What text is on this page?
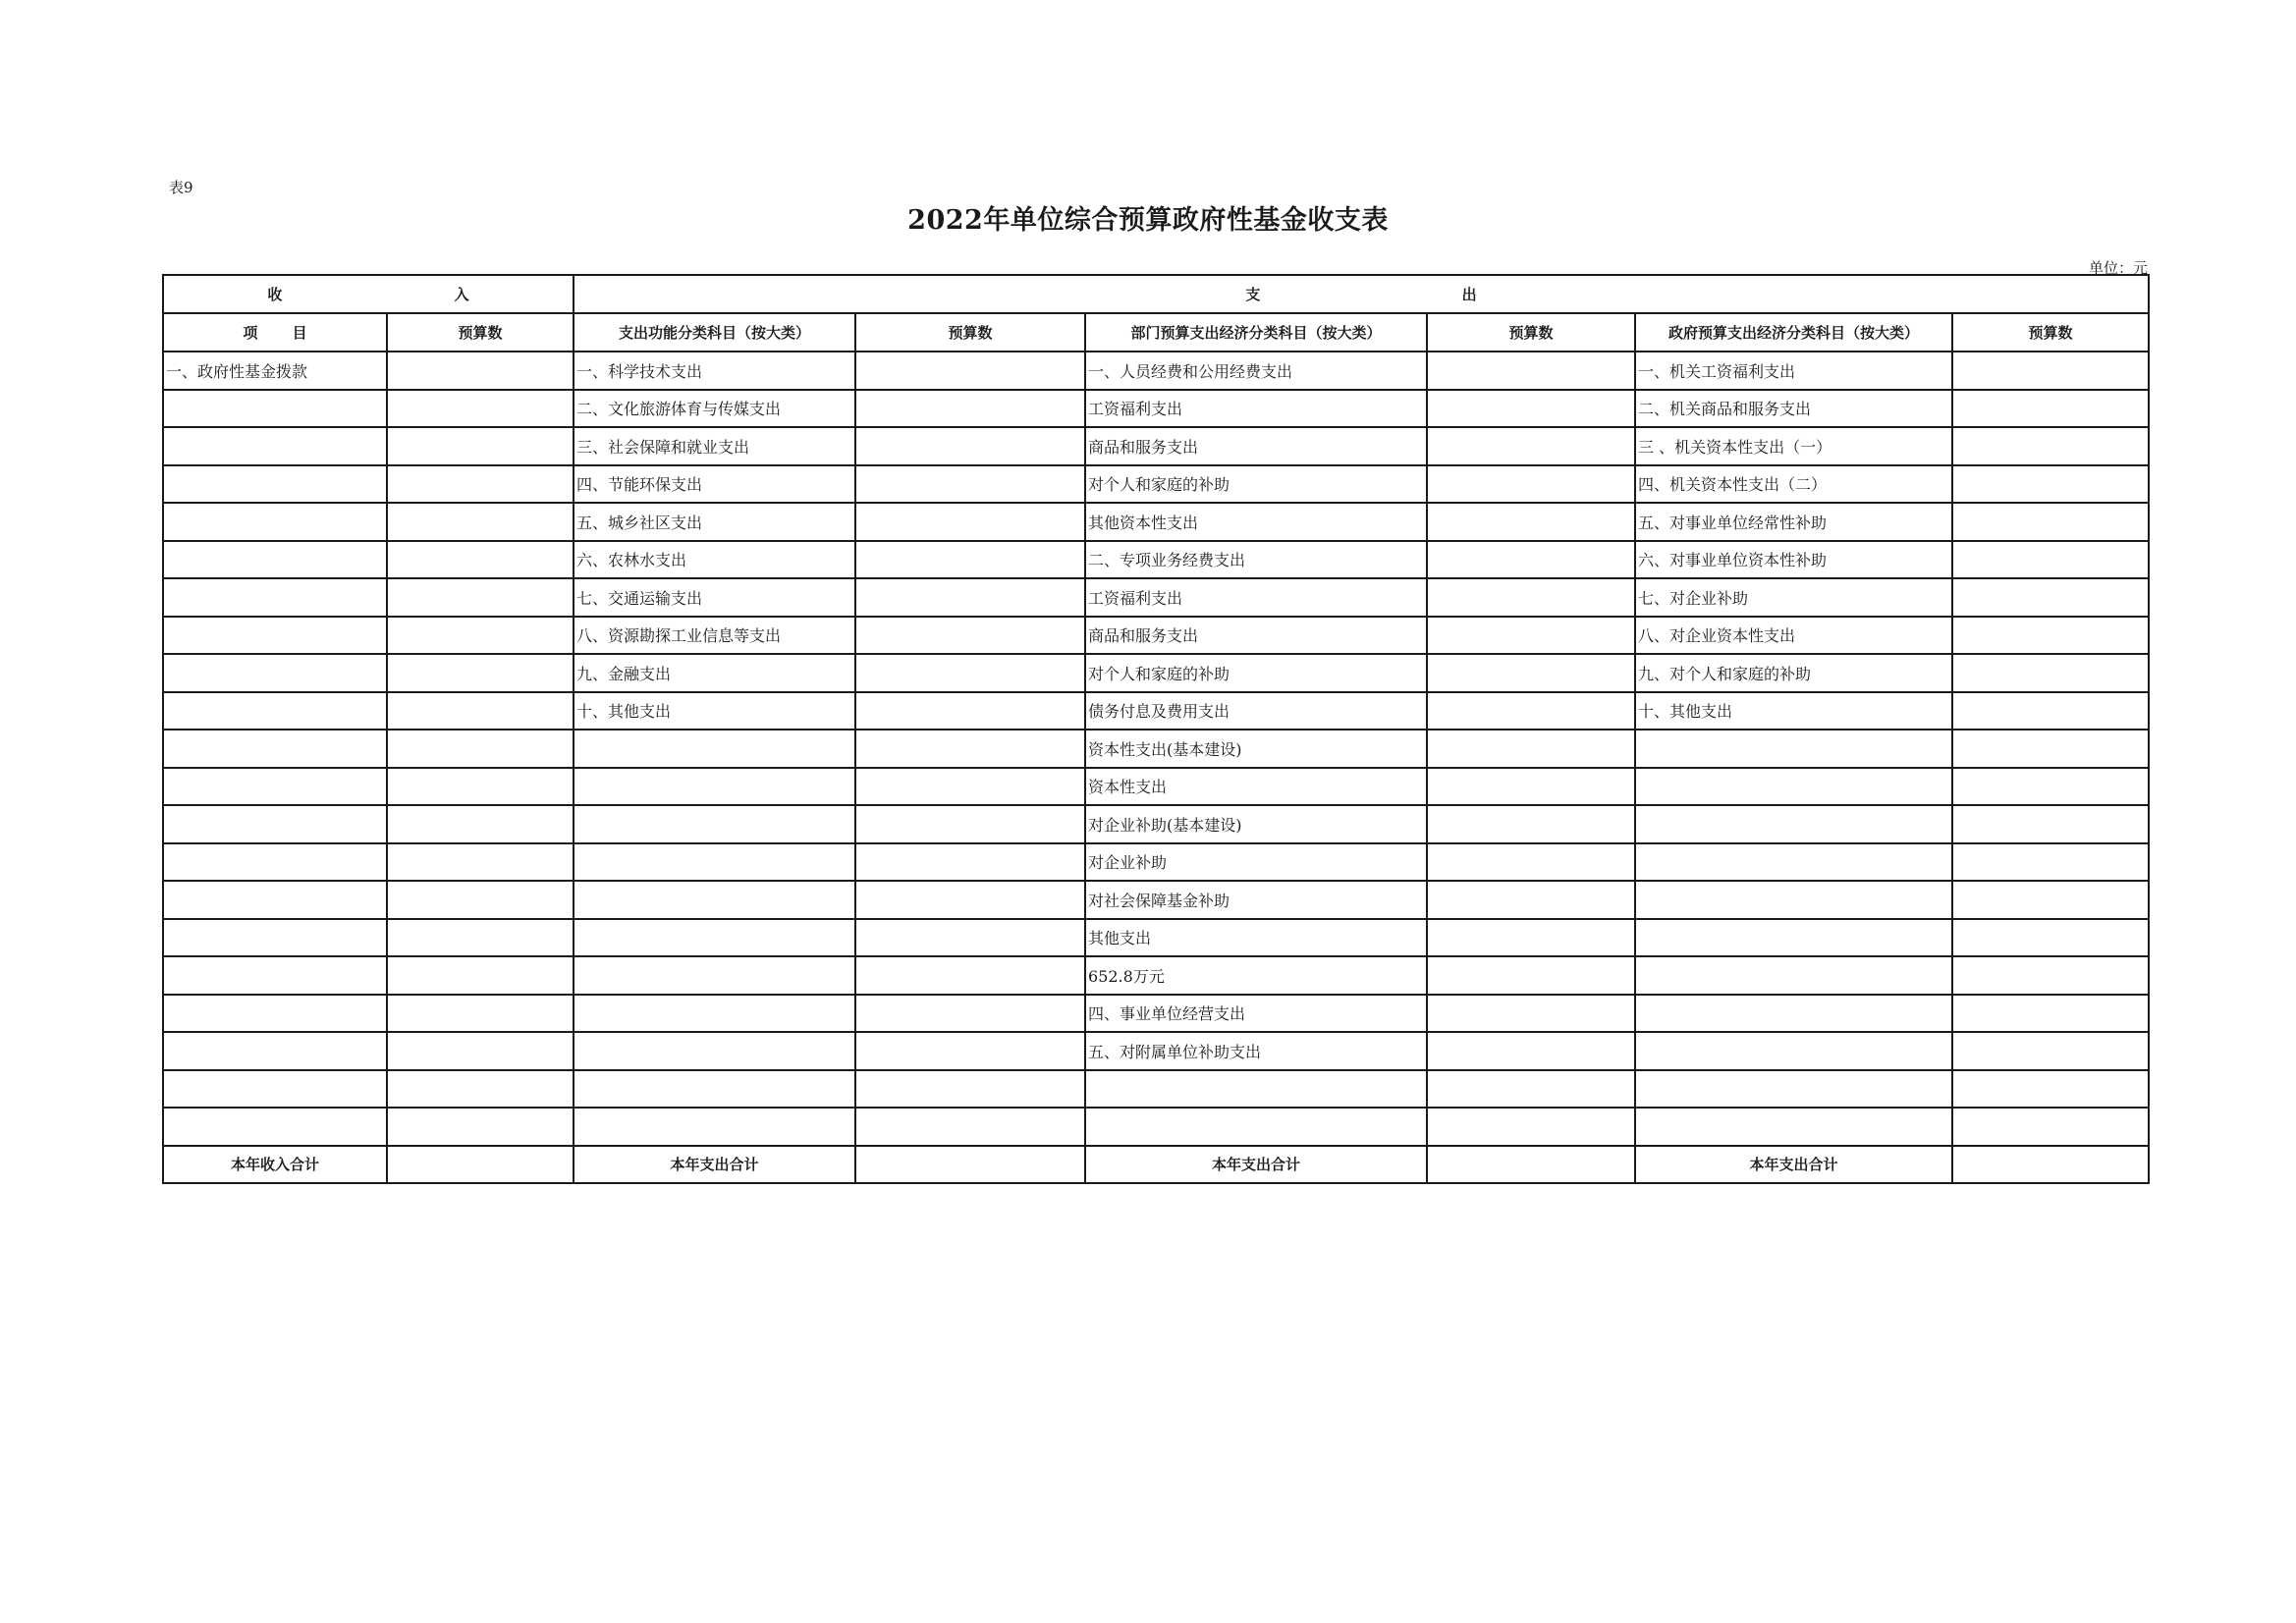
表9
2022年单位综合预算政府性基金收支表
单位：元
收 入		支 出					
项 目	预算数	支出功能分类科目（按大类）	预算数	部门预算支出经济分类科目（按大类）	预算数	政府预算支出经济分类科目（按大类）	预算数
一、政府性基金拨款		一、科学技术支出		一、人员经费和公用经费支出		一、机关工资福利支出	
		二、文化旅游体育与传媒支出		工资福利支出		二、机关商品和服务支出	
		三、社会保障和就业支出		商品和服务支出		三 、机关资本性支出（一）	
		四、节能环保支出		对个人和家庭的补助		四、机关资本性支出（二）	
		五、城乡社区支出		其他资本性支出		五、对事业单位经常性补助	
		六、农林水支出		二、专项业务经费支出		六、对事业单位资本性补助	
		七、交通运输支出		工资福利支出		七、对企业补助	
		八、资源勘探工业信息等支出		商品和服务支出		八、对企业资本性支出	
		九、金融支出		对个人和家庭的补助		九、对个人和家庭的补助	
		十、其他支出		债务付息及费用支出		十、其他支出	
				资本性支出(基本建设)			
				资本性支出			
				对企业补助(基本建设)			
				对企业补助			
				对社会保障基金补助			
				其他支出			
				652.8万元			
				四、事业单位经营支出			
				五、对附属单位补助支出			

本年收入合计		本年支出合计		本年支出合计		本年支出合计	
